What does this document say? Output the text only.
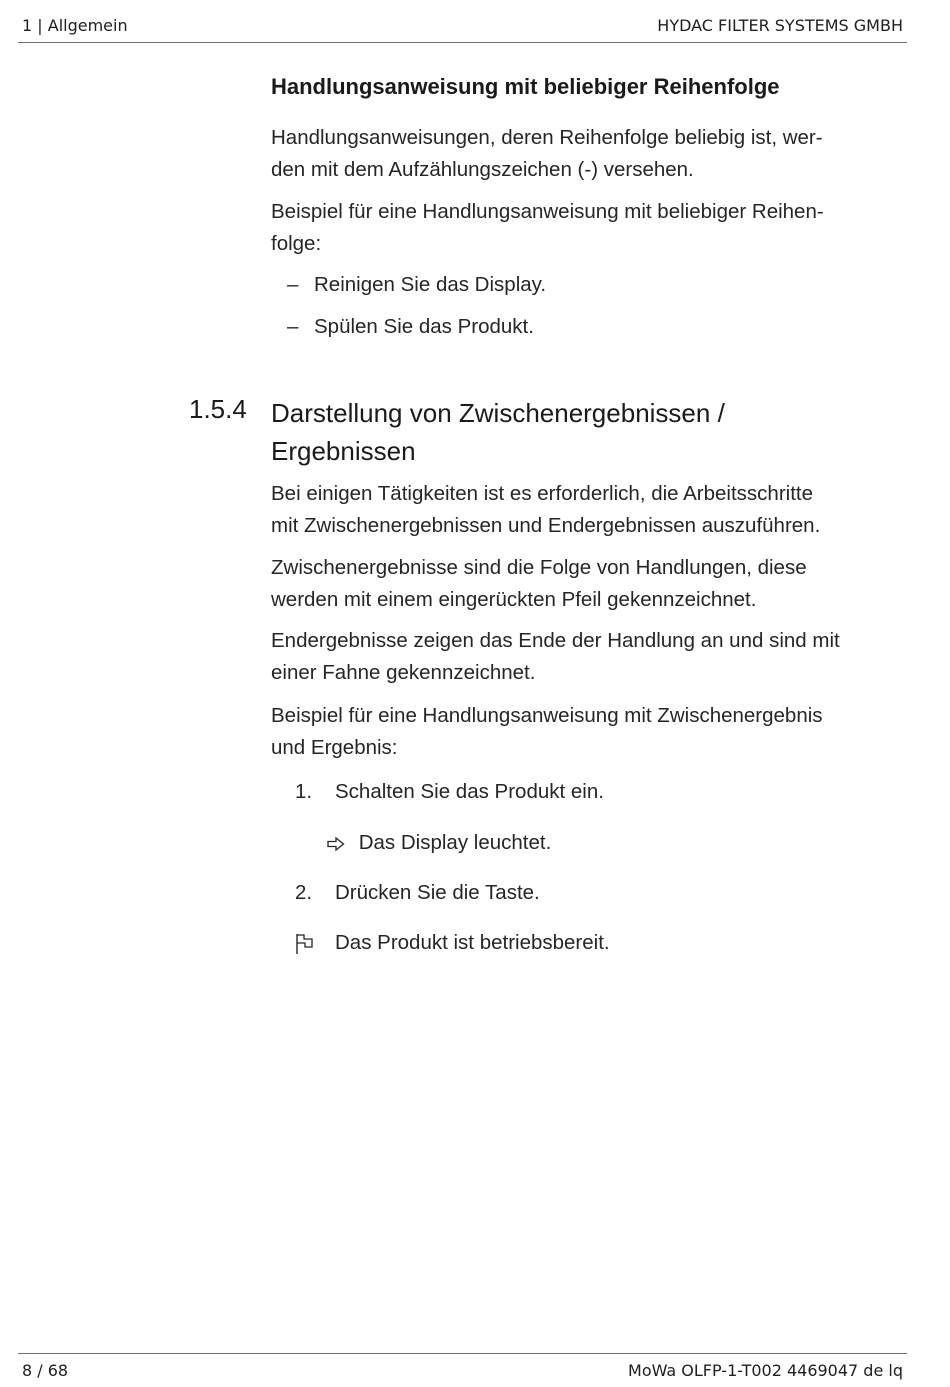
1 | Allgemein	HYDAC FILTER SYSTEMS GMBH
Handlungsanweisung mit beliebiger Reihenfolge
Handlungsanweisungen, deren Reihenfolge beliebig ist, wer-
den mit dem Aufzählungszeichen (-) versehen.
Beispiel für eine Handlungsanweisung mit beliebiger Reihen-
folge:
– Reinigen Sie das Display.
– Spülen Sie das Produkt.
Darstellung von Zwischenergebnissen /
Ergebnissen
Bei einigen Tätigkeiten ist es erforderlich, die Arbeitsschritte
mit Zwischenergebnissen und Endergebnissen auszuführen.
Zwischenergebnisse sind die Folge von Handlungen, diese
werden mit einem eingerückten Pfeil gekennzeichnet.
Endergebnisse zeigen das Ende der Handlung an und sind mit
einer Fahne gekennzeichnet.
Beispiel für eine Handlungsanweisung mit Zwischenergebnis
und Ergebnis:
1. Schalten Sie das Produkt ein.
Das Display leuchtet.
2. Drücken Sie die Taste.
Das Produkt ist betriebsbereit.
1.5.4
8 / 68	MoWa OLFP-1-T002 4469047 de lq
